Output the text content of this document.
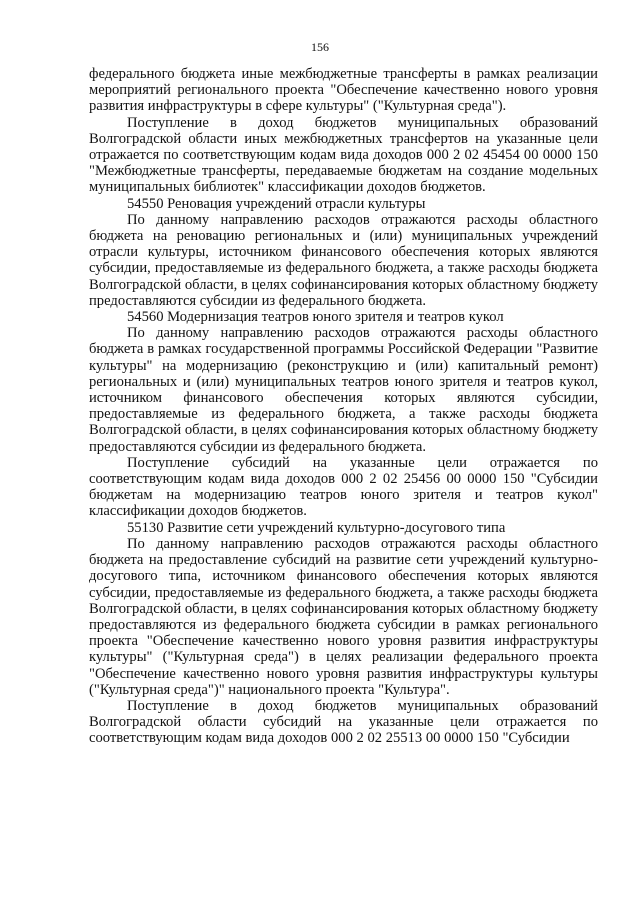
156

федерального бюджета иные межбюджетные трансферты в рамках реализации мероприятий регионального проекта "Обеспечение качественно нового уровня развития инфраструктуры в сфере культуры" ("Культурная среда").

Поступление в доход бюджетов муниципальных образований Волгоградской области иных межбюджетных трансфертов на указанные цели отражается по соответствующим кодам вида доходов 000 2 02 45454 00 0000 150 "Межбюджетные трансферты, передаваемые бюджетам на создание модельных муниципальных библиотек" классификации доходов бюджетов.

54550 Реновация учреждений отрасли культуры

По данному направлению расходов отражаются расходы областного бюджета на реновацию региональных и (или) муниципальных учреждений отрасли культуры, источником финансового обеспечения которых являются субсидии, предоставляемые из федерального бюджета, а также расходы бюджета Волгоградской области, в целях софинансирования которых областному бюджету предоставляются субсидии из федерального бюджета.

54560 Модернизация театров юного зрителя и театров кукол

По данному направлению расходов отражаются расходы областного бюджета в рамках государственной программы Российской Федерации "Развитие культуры" на модернизацию (реконструкцию и (или) капитальный ремонт) региональных и (или) муниципальных театров юного зрителя и театров кукол, источником финансового обеспечения которых являются субсидии, предоставляемые из федерального бюджета, а также расходы бюджета Волгоградской области, в целях софинансирования которых областному бюджету предоставляются субсидии из федерального бюджета.

Поступление субсидий на указанные цели отражается по соответствующим кодам вида доходов 000 2 02 25456 00 0000 150 "Субсидии бюджетам на модернизацию театров юного зрителя и театров кукол" классификации доходов бюджетов.

55130 Развитие сети учреждений культурно-досугового типа

По данному направлению расходов отражаются расходы областного бюджета на предоставление субсидий на развитие сети учреждений культурно-досугового типа, источником финансового обеспечения которых являются субсидии, предоставляемые из федерального бюджета, а также расходы бюджета Волгоградской области, в целях софинансирования которых областному бюджету предоставляются из федерального бюджета субсидии в рамках регионального проекта "Обеспечение качественно нового уровня развития инфраструктуры культуры" ("Культурная среда") в целях реализации федерального проекта "Обеспечение качественно нового уровня развития инфраструктуры культуры ("Культурная среда")" национального проекта "Культура".

Поступление в доход бюджетов муниципальных образований Волгоградской области субсидий на указанные цели отражается по соответствующим кодам вида доходов 000 2 02 25513 00 0000 150 "Субсидии
